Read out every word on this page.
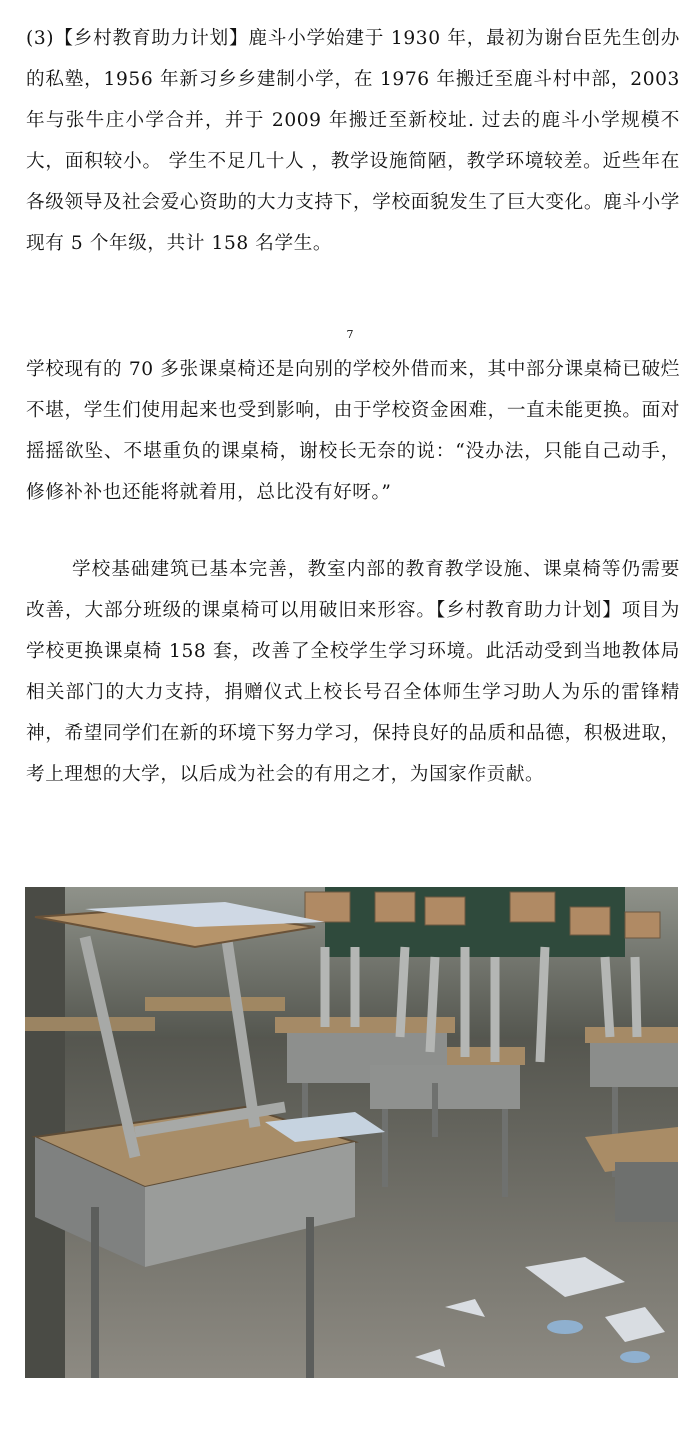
(3)【乡村教育助力计划】鹿斗小学始建于 1930 年，最初为谢台臣先生创办的私塾，1956 年新习乡乡建制小学，在 1976 年搬迁至鹿斗村中部，2003 年与张牛庄小学合并，并于 2009 年搬迁至新校址. 过去的鹿斗小学规模不大，面积较小。 学生不足几十人 ，教学设施简陋，教学环境较差。近些年在各级领导及社会爱心资助的大力支持下，学校面貌发生了巨大变化。鹿斗小学现有 5 个年级，共计 158 名学生。

7

学校现有的 70 多张课桌椅还是向别的学校外借而来，其中部分课桌椅已破烂不堪，学生们使用起来也受到影响，由于学校资金困难，一直未能更换。面对摇摇欲坠、不堪重负的课桌椅，谢校长无奈的说：“没办法，只能自己动手，修修补补也还能将就着用，总比没有好呀。”

学校基础建筑已基本完善，教室内部的教育教学设施、课桌椅等仍需要改善，大部分班级的课桌椅可以用破旧来形容。【乡村教育助力计划】项目为学校更换课桌椅 158 套，改善了全校学生学习环境。此活动受到当地教体局相关部门的大力支持，捐赠仪式上校长号召全体师生学习助人为乐的雷锋精神，希望同学们在新的环境下努力学习，保持良好的品质和品德，积极进取，考上理想的大学，以后成为社会的有用之才，为国家作贡献。
